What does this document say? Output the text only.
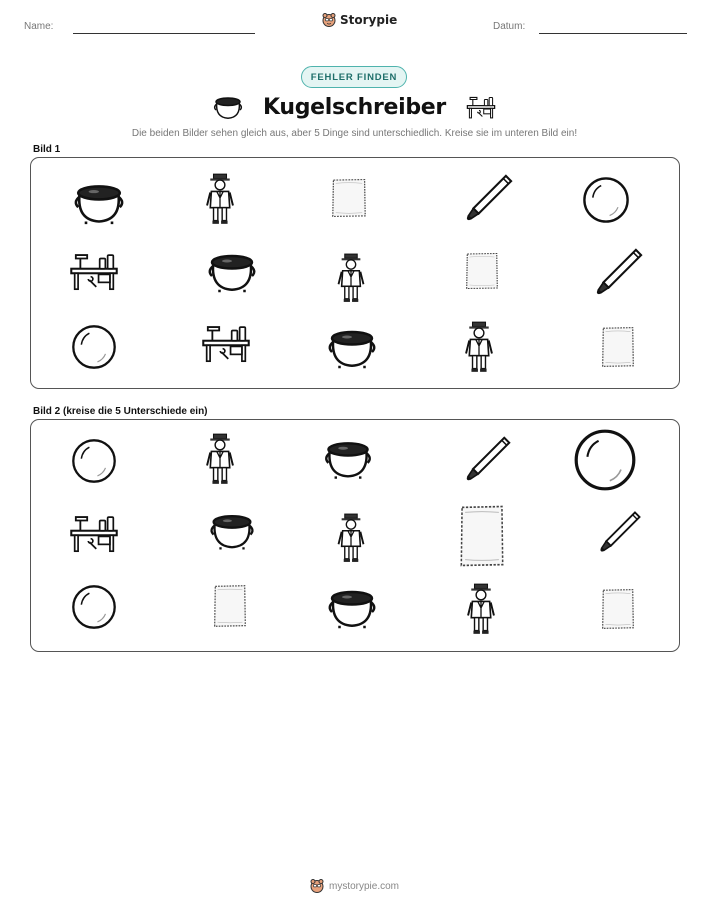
Name:	Storypie	Datum:
FEHLER FINDEN
Kugelschreiber
Die beiden Bilder sehen gleich aus, aber 5 Dinge sind unterschiedlich. Kreise sie im unteren Bild ein!
Bild 1
Bild 2 (kreise die 5 Unterschiede ein)
mystorypie.com
